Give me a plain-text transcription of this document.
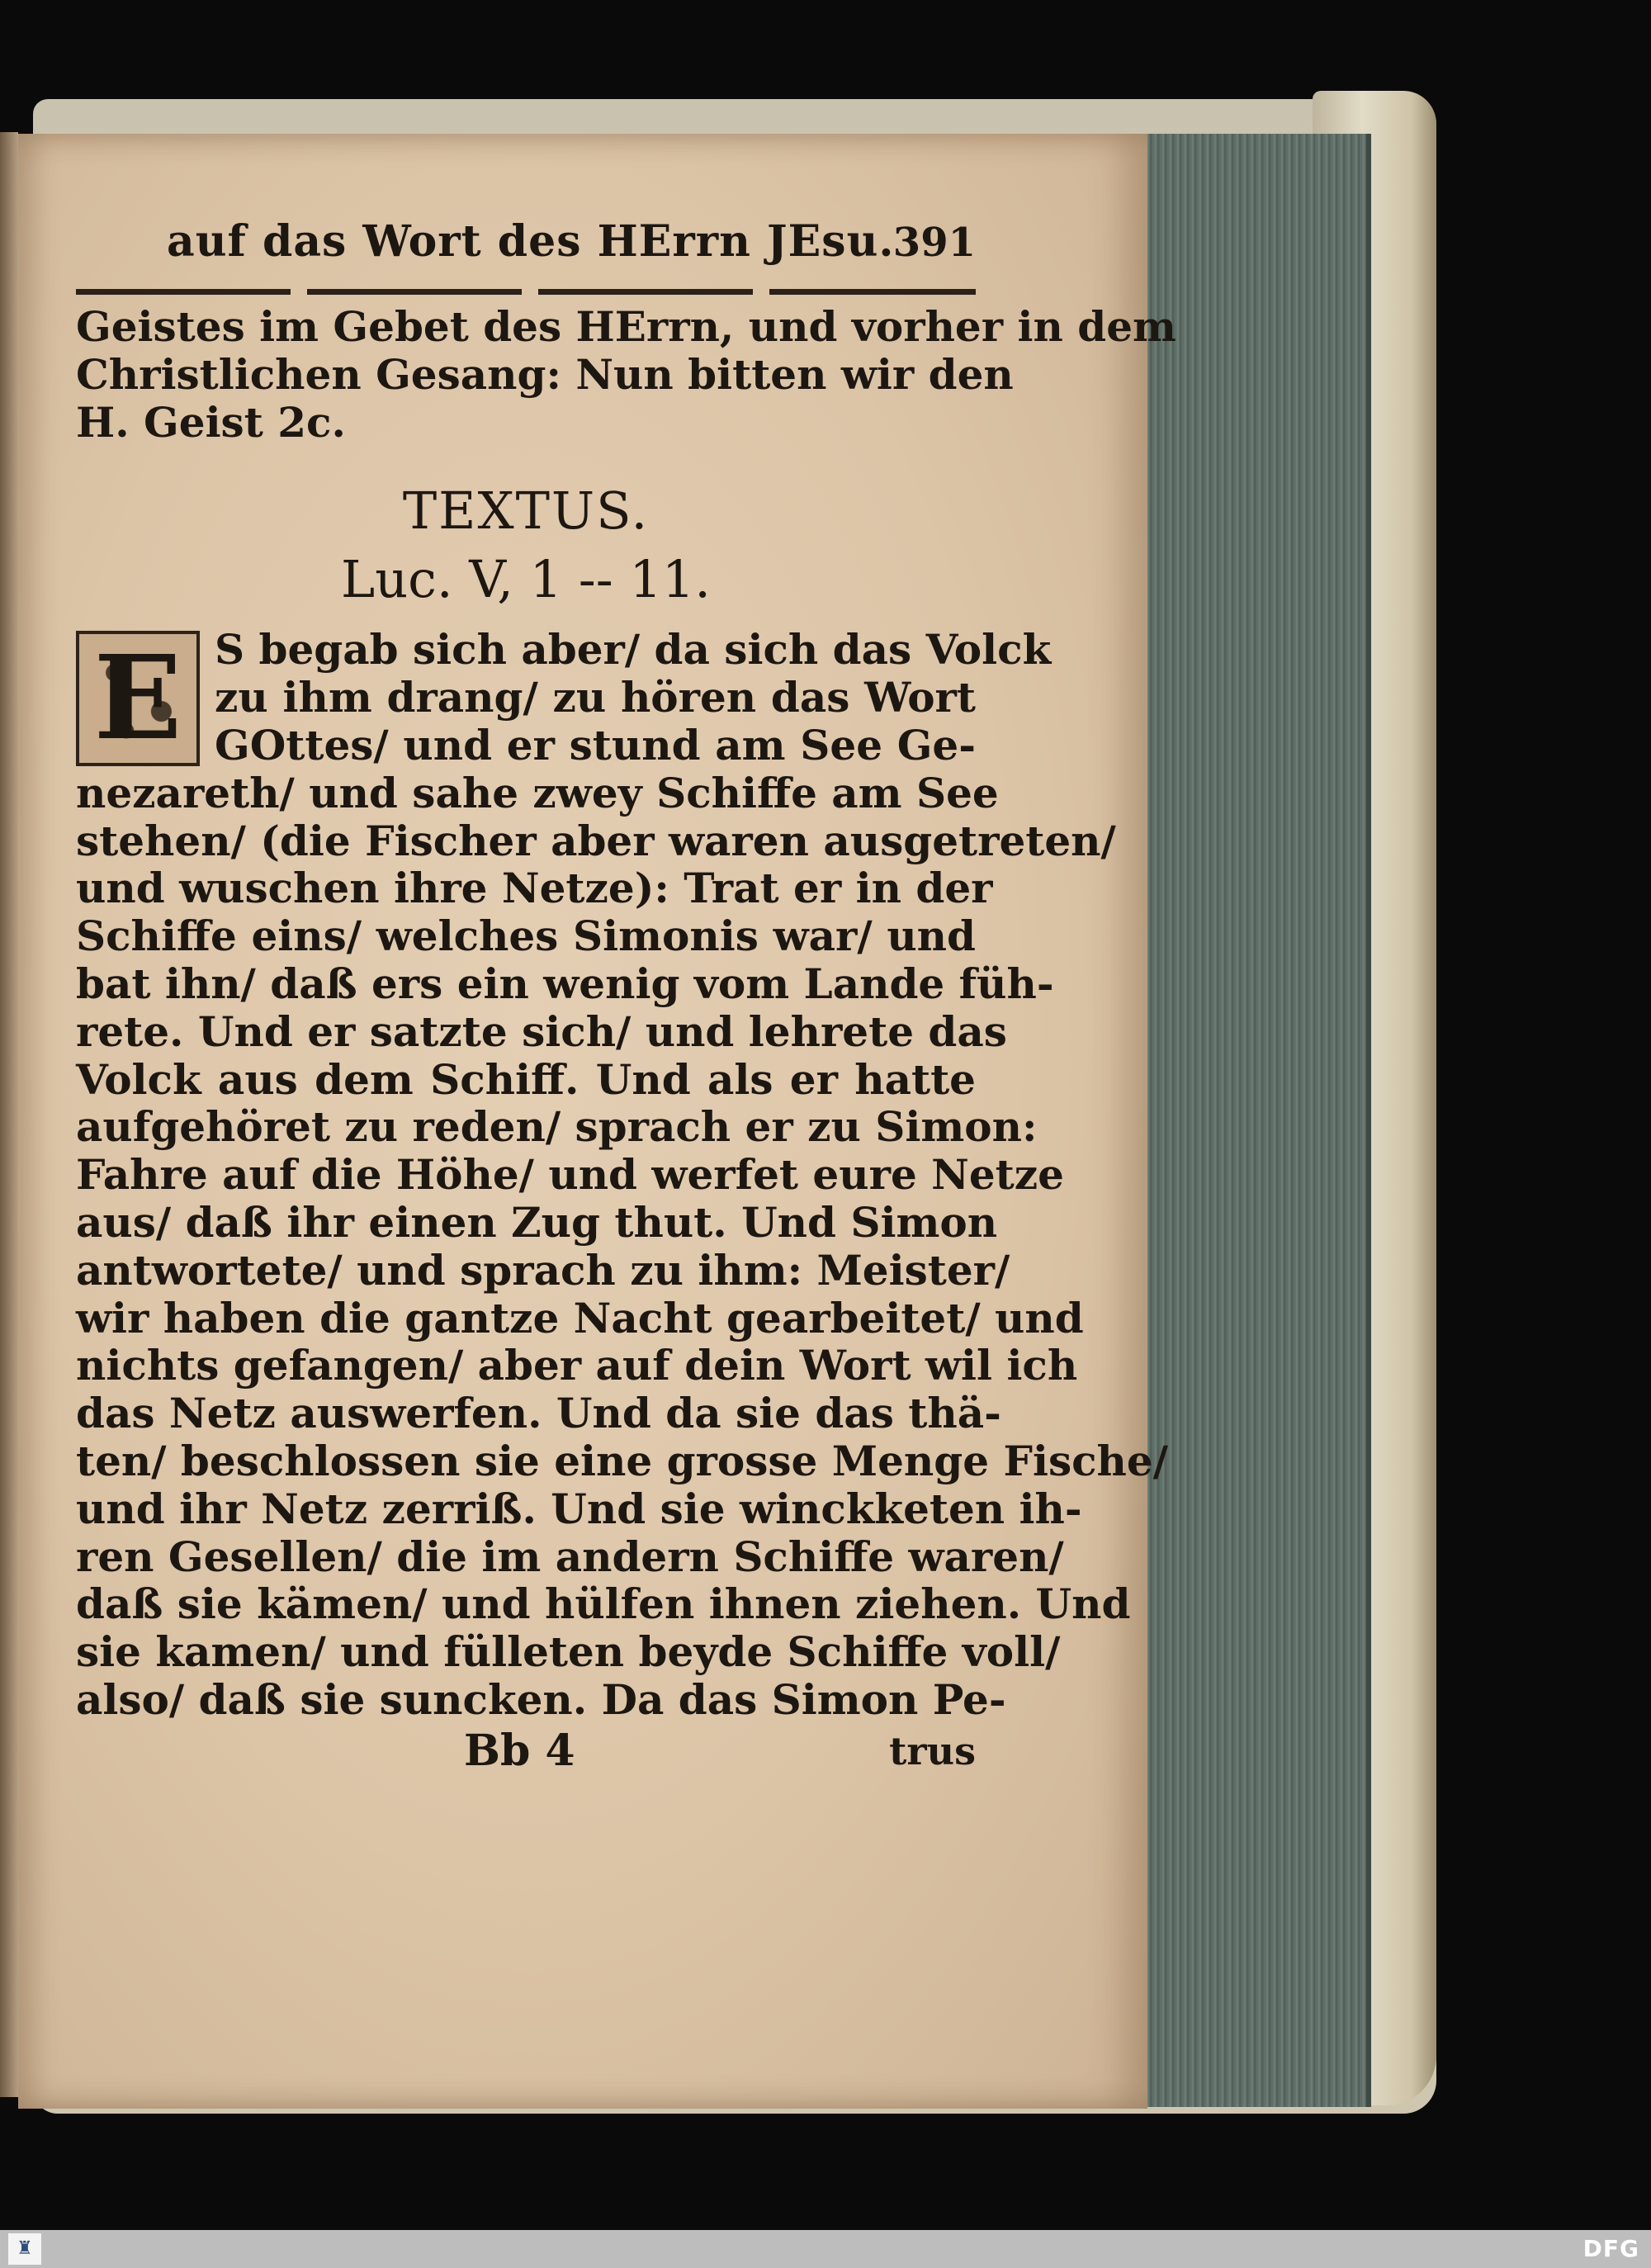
auf das Wort des HErrn JEsu.
391
Geistes im Gebet des HErrn, und vorher in dem
Christlichen Gesang: Nun bitten wir den
H. Geist 2c.
TEXTUS.
Luc. V, 1 -- 11.
E S begab sich aber/ da sich das Volck
zu ihm drang/ zu hören das Wort
GOttes/ und er stund am See Ge-
nezareth/ und sahe zwey Schiffe am See
stehen/ (die Fischer aber waren ausgetreten/
und wuschen ihre Netze): Trat er in der
Schiffe eins/ welches Simonis war/ und
bat ihn/ daß ers ein wenig vom Lande füh-
rete. Und er satzte sich/ und lehrete das
Volck aus dem Schiff. Und als er hatte
aufgehöret zu reden/ sprach er zu Simon:
Fahre auf die Höhe/ und werfet eure Netze
aus/ daß ihr einen Zug thut. Und Simon
antwortete/ und sprach zu ihm: Meister/
wir haben die gantze Nacht gearbeitet/ und
nichts gefangen/ aber auf dein Wort wil ich
das Netz auswerfen. Und da sie das thä-
ten/ beschlossen sie eine grosse Menge Fische/
und ihr Netz zerriß. Und sie winckketen ih-
ren Gesellen/ die im andern Schiffe waren/
daß sie kämen/ und hülfen ihnen ziehen. Und
sie kamen/ und fülleten beyde Schiffe voll/
also/ daß sie suncken. Da das Simon Pe-
Bb 4	trus
♜	DFG
